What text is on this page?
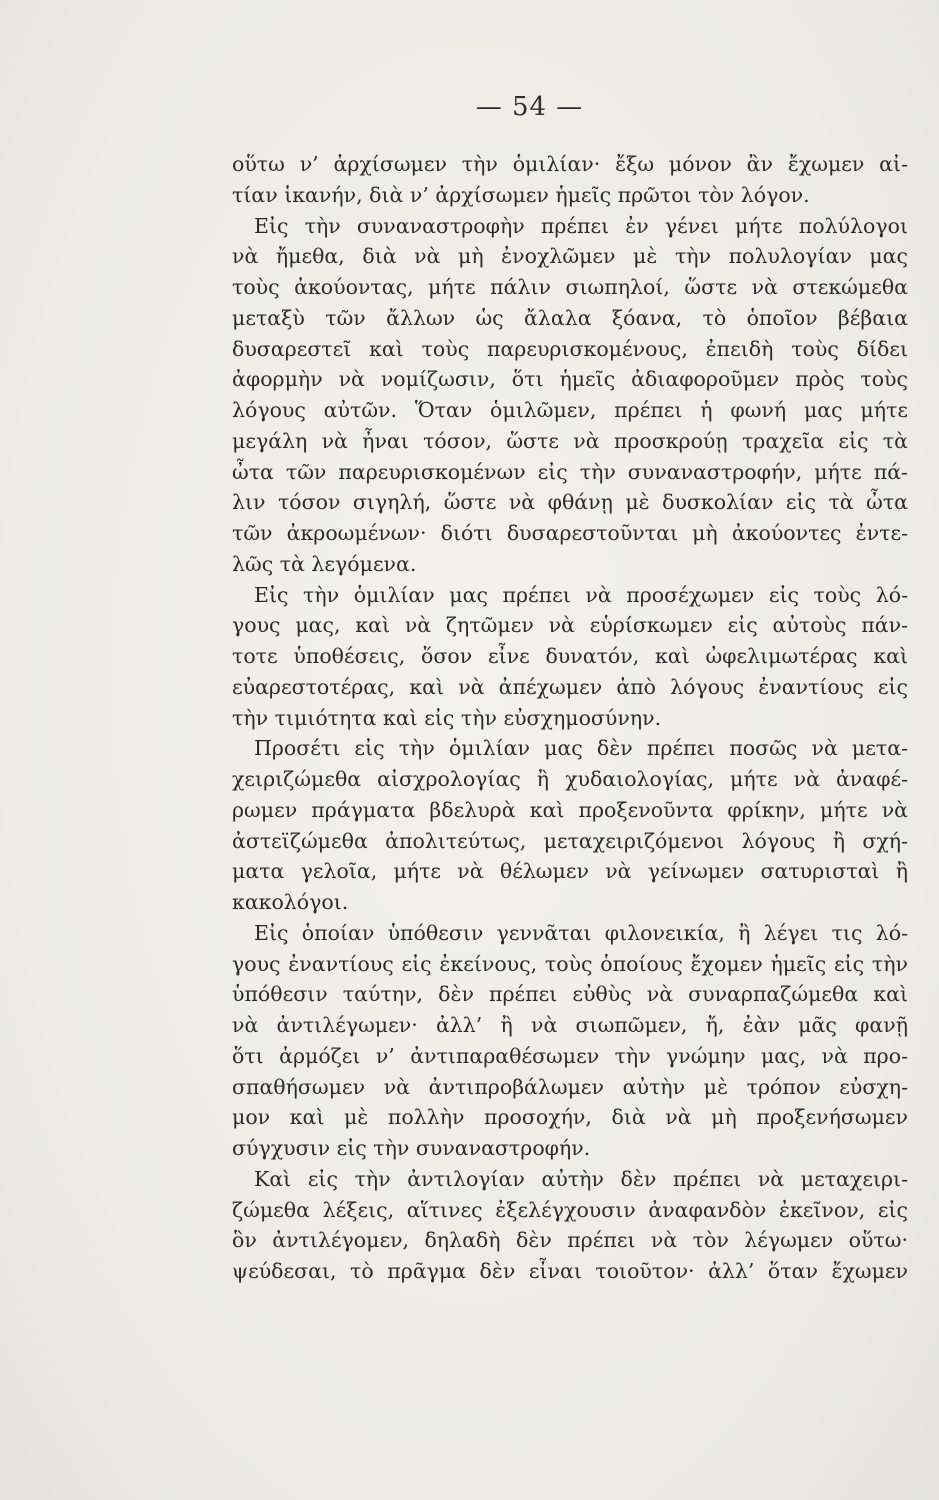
— 54 —
οὕτω ν’ ἀρχίσωμεν τὴν ὁμιλίαν· ἔξω μόνον ἂν ἔχωμεν αἰ-
τίαν ἱκανήν, διὰ ν’ ἀρχίσωμεν ἡμεῖς πρῶτοι τὸν λόγον.
Εἰς τὴν συναναστροφὴν πρέπει ἐν γένει μήτε πολύλογοι
νὰ ἤμεθα, διὰ νὰ μὴ ἐνοχλῶμεν μὲ τὴν πολυλογίαν μας
τοὺς ἀκούοντας, μήτε πάλιν σιωπηλοί, ὥστε νὰ στεκώμεθα
μεταξὺ τῶν ἄλλων ὡς ἄλαλα ξόανα, τὸ ὁποῖον βέβαια
δυσαρεστεῖ καὶ τοὺς παρευρισκομένους, ἐπειδὴ τοὺς δίδει
ἀφορμὴν νὰ νομίζωσιν, ὅτι ἡμεῖς ἀδιαφοροῦμεν πρὸς τοὺς
λόγους αὐτῶν. Ὅταν ὁμιλῶμεν, πρέπει ἡ φωνή μας μήτε
μεγάλη νὰ ἦναι τόσον, ὥστε νὰ προσκρούῃ τραχεῖα εἰς τὰ
ὦτα τῶν παρευρισκομένων εἰς τὴν συναναστροφήν, μήτε πά-
λιν τόσον σιγηλή, ὥστε νὰ φθάνῃ μὲ δυσκολίαν εἰς τὰ ὦτα
τῶν ἀκροωμένων· διότι δυσαρεστοῦνται μὴ ἀκούοντες ἐντε-
λῶς τὰ λεγόμενα.
Εἰς τὴν ὁμιλίαν μας πρέπει νὰ προσέχωμεν εἰς τοὺς λό-
γους μας, καὶ νὰ ζητῶμεν νὰ εὑρίσκωμεν εἰς αὐτοὺς πάν-
τοτε ὑποθέσεις, ὅσον εἶνε δυνατόν, καὶ ὠφελιμωτέρας καὶ
εὐαρεστοτέρας, καὶ νὰ ἀπέχωμεν ἀπὸ λόγους ἐναντίους εἰς
τὴν τιμιότητα καὶ εἰς τὴν εὐσχημοσύνην.
Προσέτι εἰς τὴν ὁμιλίαν μας δὲν πρέπει ποσῶς νὰ μετα-
χειριζώμεθα αἰσχρολογίας ἢ χυδαιολογίας, μήτε νὰ ἀναφέ-
ρωμεν πράγματα βδελυρὰ καὶ προξενοῦντα φρίκην, μήτε νὰ
ἀστεϊζώμεθα ἀπολιτεύτως, μεταχειριζόμενοι λόγους ἢ σχή-
ματα γελοῖα, μήτε νὰ θέλωμεν νὰ γείνωμεν σατυρισταὶ ἢ
κακολόγοι.
Εἰς ὁποίαν ὑπόθεσιν γεννᾶται φιλονεικία, ἢ λέγει τις λό-
γους ἐναντίους εἰς ἐκείνους, τοὺς ὁποίους ἔχομεν ἡμεῖς εἰς τὴν
ὑπόθεσιν ταύτην, δὲν πρέπει εὐθὺς νὰ συναρπαζώμεθα καὶ
νὰ ἀντιλέγωμεν· ἀλλ’ ἢ νὰ σιωπῶμεν, ἤ, ἐὰν μᾶς φανῇ
ὅτι ἁρμόζει ν’ ἀντιπαραθέσωμεν τὴν γνώμην μας, νὰ προ-
σπαθήσωμεν νὰ ἀντιπροβάλωμεν αὐτὴν μὲ τρόπον εὐσχη-
μον καὶ μὲ πολλὴν προσοχήν, διὰ νὰ μὴ προξενήσωμεν
σύγχυσιν εἰς τὴν συναναστροφήν.
Καὶ εἰς τὴν ἀντιλογίαν αὐτὴν δὲν πρέπει νὰ μεταχειρι-
ζώμεθα λέξεις, αἵτινες ἐξελέγχουσιν ἀναφανδὸν ἐκεῖνον, εἰς
ὃν ἀντιλέγομεν, δηλαδὴ δὲν πρέπει νὰ τὸν λέγωμεν οὕτω·
ψεύδεσαι, τὸ πρᾶγμα δὲν εἶναι τοιοῦτον· ἀλλ’ ὅταν ἔχωμεν
